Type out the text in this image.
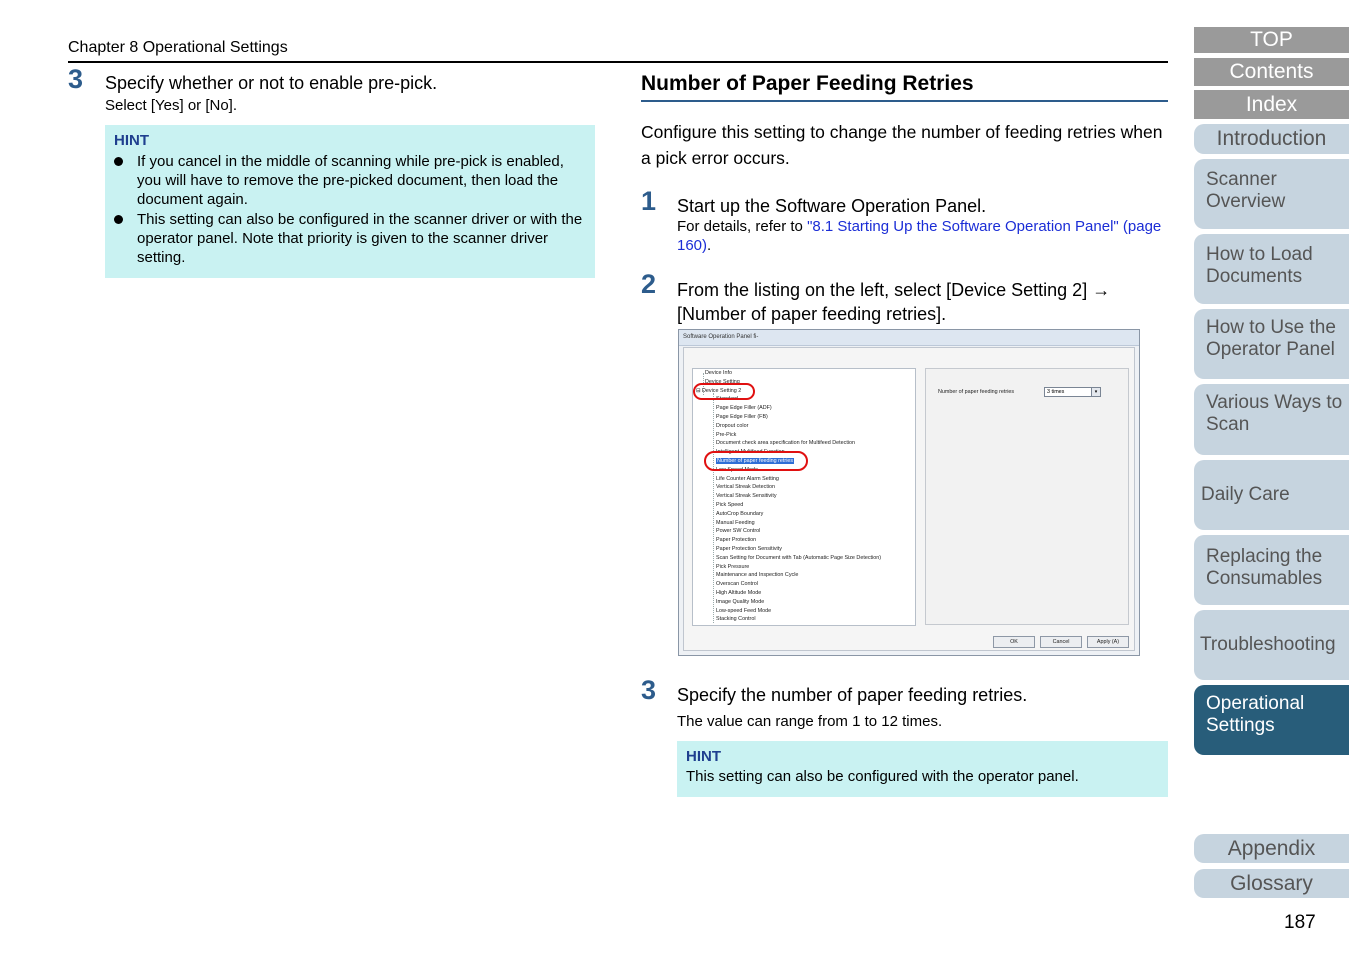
Chapter 8 Operational Settings
3 Specify whether or not to enable pre-pick.
Select [Yes] or [No].
HINT
If you cancel in the middle of scanning while pre-pick is enabled, you will have to remove the pre-picked document, then load the document again.
This setting can also be configured in the scanner driver or with the operator panel. Note that priority is given to the scanner driver setting.
Number of Paper Feeding Retries
Configure this setting to change the number of feeding retries when a pick error occurs.
1 Start up the Software Operation Panel.
For details, refer to "8.1 Starting Up the Software Operation Panel" (page 160).
2 From the listing on the left, select [Device Setting 2] → [Number of paper feeding retries].
Software Operation Panel fi-
Device Info
Device Setting
⊟ Device Setting 2
Standard
Page Edge Filler (ADF)
Page Edge Filler (FB)
Dropout color
Pre-Pick
Document check area specification for Multifeed Detection
Intelligent Multifeed Function
Number of paper feeding retries
Low Speed Mode
Life Counter Alarm Setting
Vertical Streak Detection
Vertical Streak Sensitivity
Pick Speed
AutoCrop Boundary
Manual Feeding
Power SW Control
Paper Protection
Paper Protection Sensitivity
Scan Setting for Document with Tab (Automatic Page Size Detection)
Pick Pressure
Maintenance and Inspection Cycle
Overscan Control
High Altitude Mode
Image Quality Mode
Low-speed Feed Mode
Stacking Control
Number of paper feeding retries	3 times	▾
OK	Cancel	Apply (A)
3 Specify the number of paper feeding retries.
The value can range from 1 to 12 times.
HINT
This setting can also be configured with the operator panel.
TOP
Contents
Index
Introduction
Scanner Overview
How to Load Documents
How to Use the Operator Panel
Various Ways to Scan
Daily Care
Replacing the Consumables
Troubleshooting
Operational Settings
Appendix
Glossary
187
